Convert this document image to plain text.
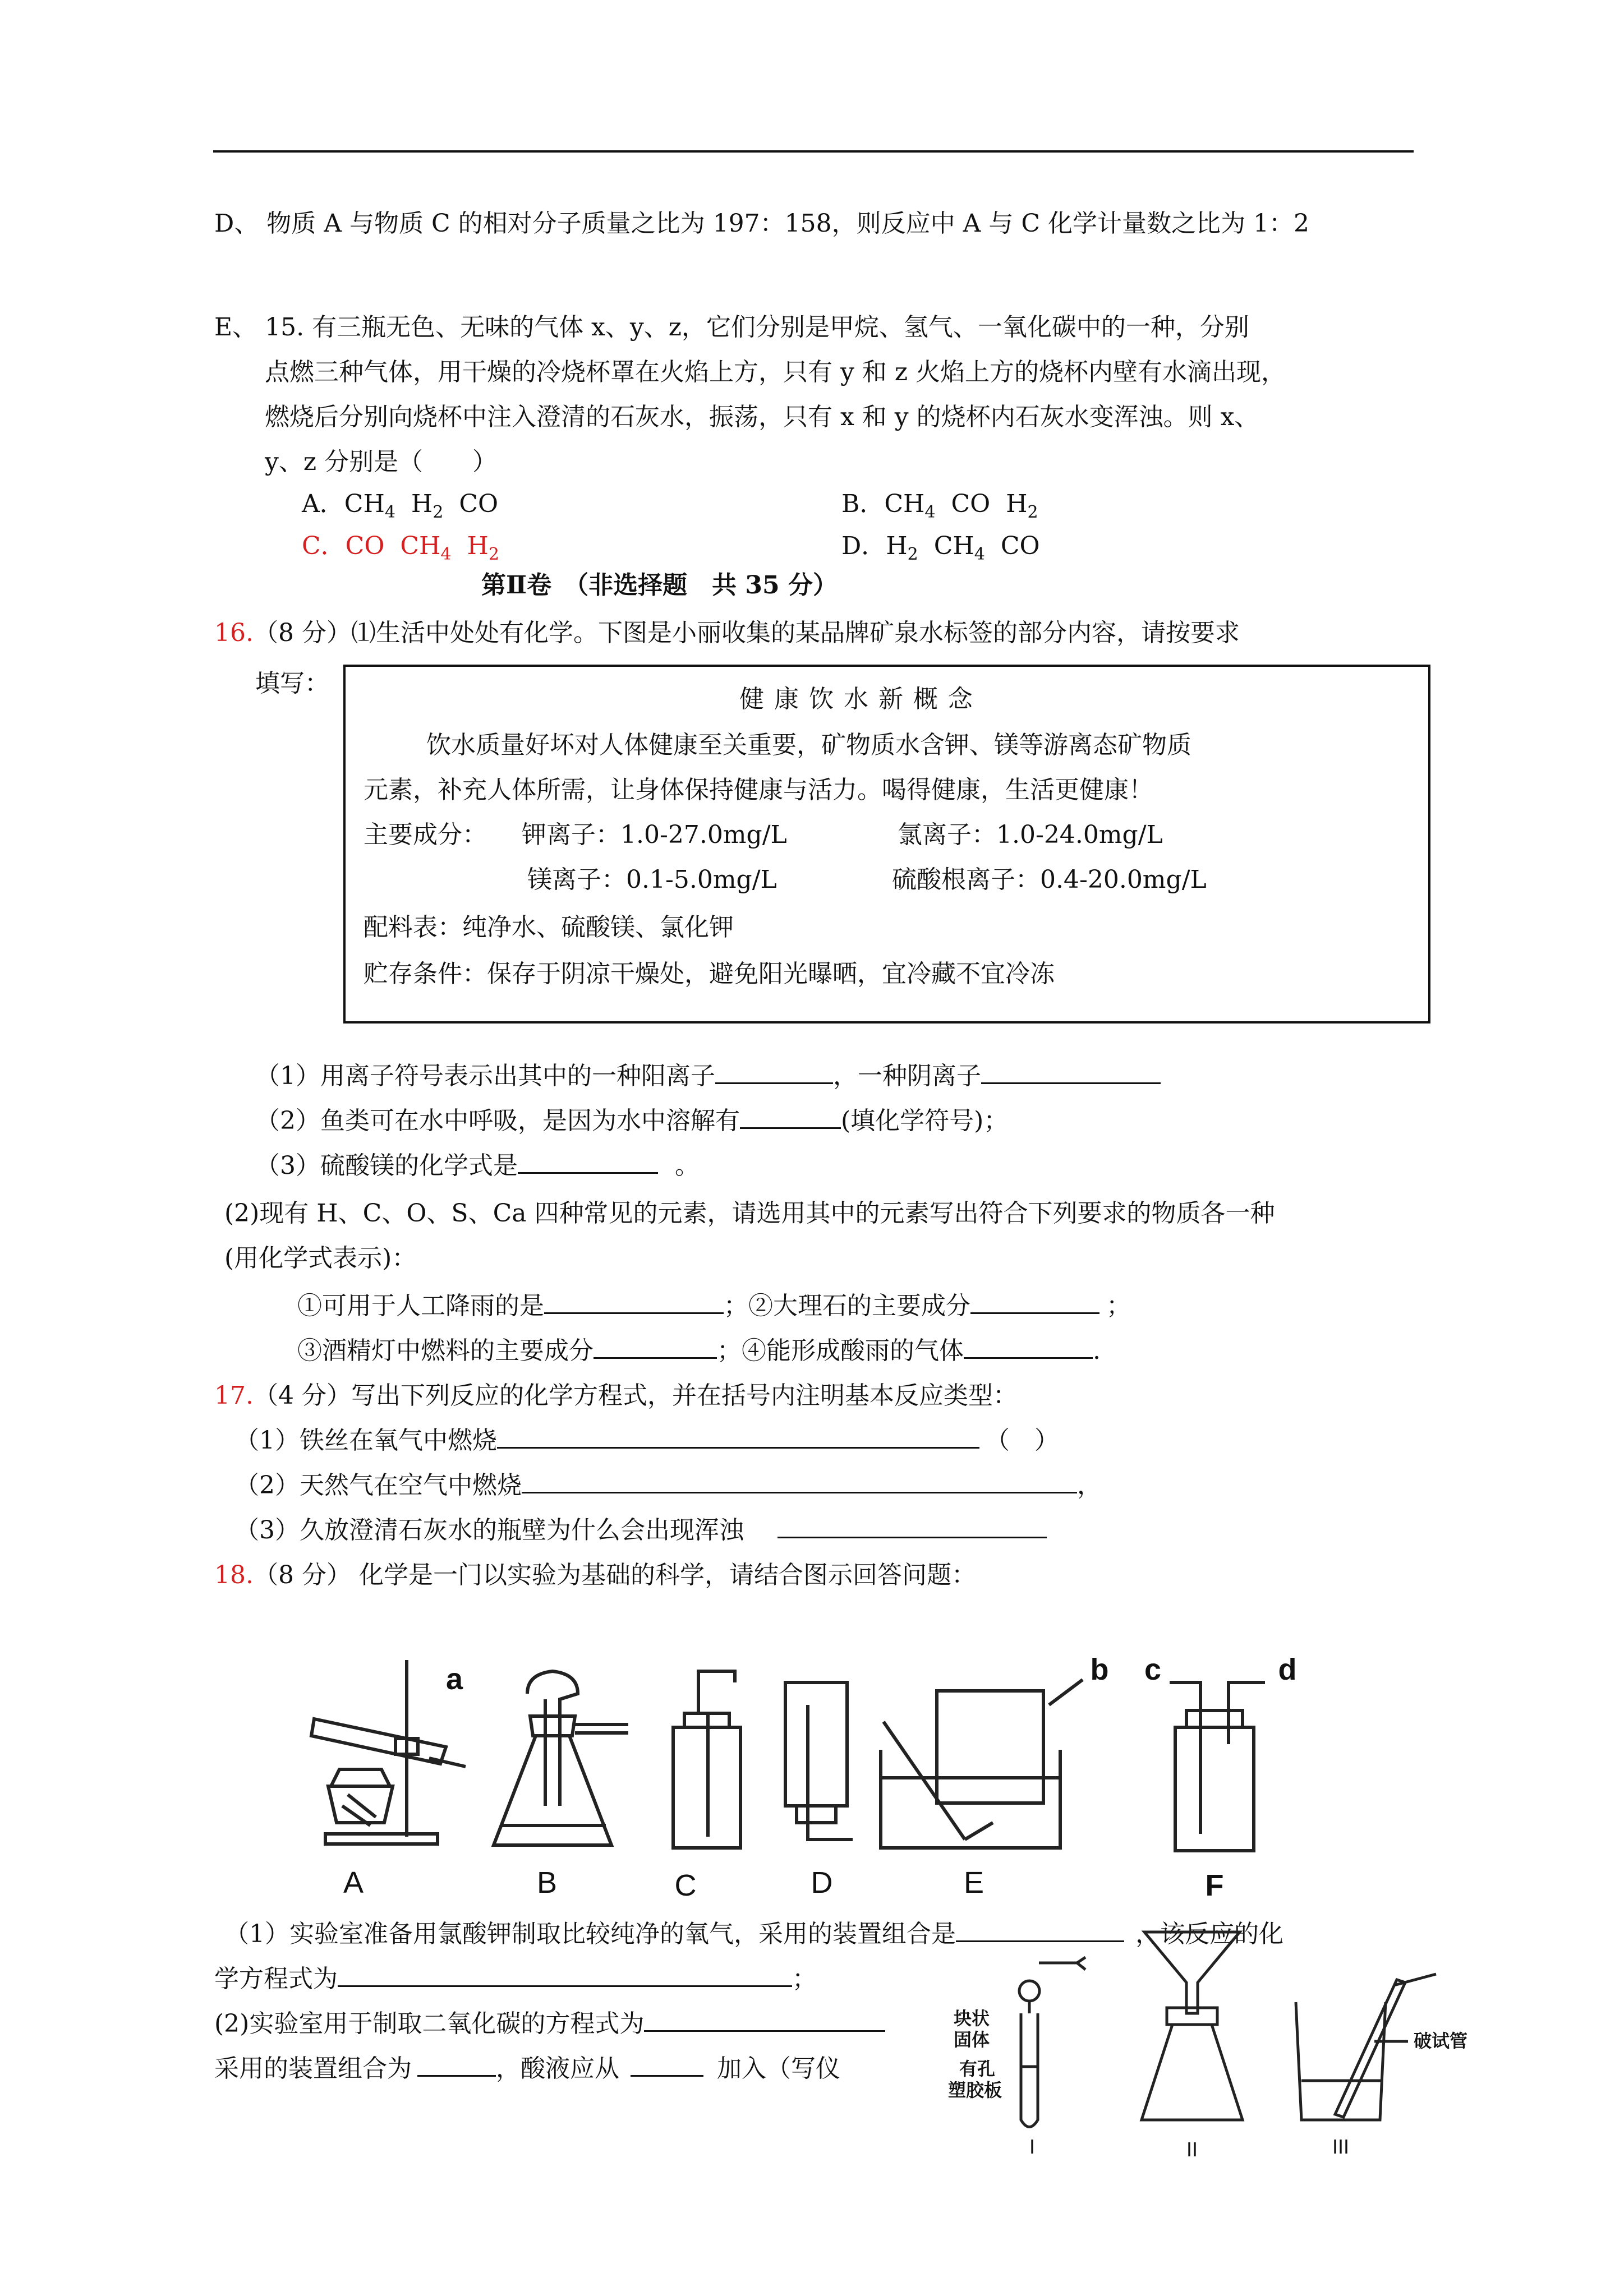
D、 物质 A 与物质 C 的相对分子质量之比为 197：158，则反应中 A 与 C 化学计量数之比为 1：2
E、 15. 有三瓶无色、无味的气体 x、y、z，它们分别是甲烷、氢气、一氧化碳中的一种，分别
点燃三种气体，用干燥的冷烧杯罩在火焰上方，只有 y 和 z 火焰上方的烧杯内壁有水滴出现，
燃烧后分别向烧杯中注入澄清的石灰水，振荡，只有 x 和 y 的烧杯内石灰水变浑浊。则 x、
y、z 分别是（　　）
A．$CH_4$  $H_2$  CO	B．$CH_4$  CO  $H_2$
C．CO  $CH_4$  $H_2$	D．$H_2$  $CH_4$  CO
第Ⅱ卷　（非选择题　共 35 分）
16.（8 分）⑴生活中处处有化学。下图是小丽收集的某品牌矿泉水标签的部分内容，请按要求
填写：
健 康 饮 水 新 概 念
饮水质量好坏对人体健康至关重要，矿物质水含钾、镁等游离态矿物质
元素，补充人体所需，让身体保持健康与活力。喝得健康，生活更健康！
主要成分： 钾离子：1.0-27.0mg/L	氯离子：1.0-24.0mg/L
镁离子：0.1-5.0mg/L	硫酸根离子：0.4-20.0mg/L
配料表：纯净水、硫酸镁、氯化钾
贮存条件：保存于阴凉干燥处，避免阳光曝晒，宜冷藏不宜冷冻
（1）用离子符号表示出其中的一种阳离子	，一种阴离子
（2）鱼类可在水中呼吸，是因为水中溶解有	(填化学符号)；
（3）硫酸镁的化学式是	。
(2)现有 H、C、O、S、Ca 四种常见的元素，请选用其中的元素写出符合下列要求的物质各一种
(用化学式表示)：
①可用于人工降雨的是	；②大理石的主要成分	；
③酒精灯中燃料的主要成分	；④能形成酸雨的气体	.
17.（4 分）写出下列反应的化学方程式，并在括号内注明基本反应类型：
（1）铁丝在氧气中燃烧	（　）
（2）天然气在空气中燃烧	，
（3）久放澄清石灰水的瓶壁为什么会出现浑浊
18.（8 分） 化学是一门以实验为基础的科学，请结合图示回答问题：
A	B	C	D	E	F
a	b c	d
（1）实验室准备用氯酸钾制取比较纯净的氧气，采用的装置组合是	，该反应的化
学方程式为	；
(2)实验室用于制取二氧化碳的方程式为
采用的装置组合为	，酸液应从	加入（写仪
块状
固体
有孔
塑胶板
破试管
I	II	III
